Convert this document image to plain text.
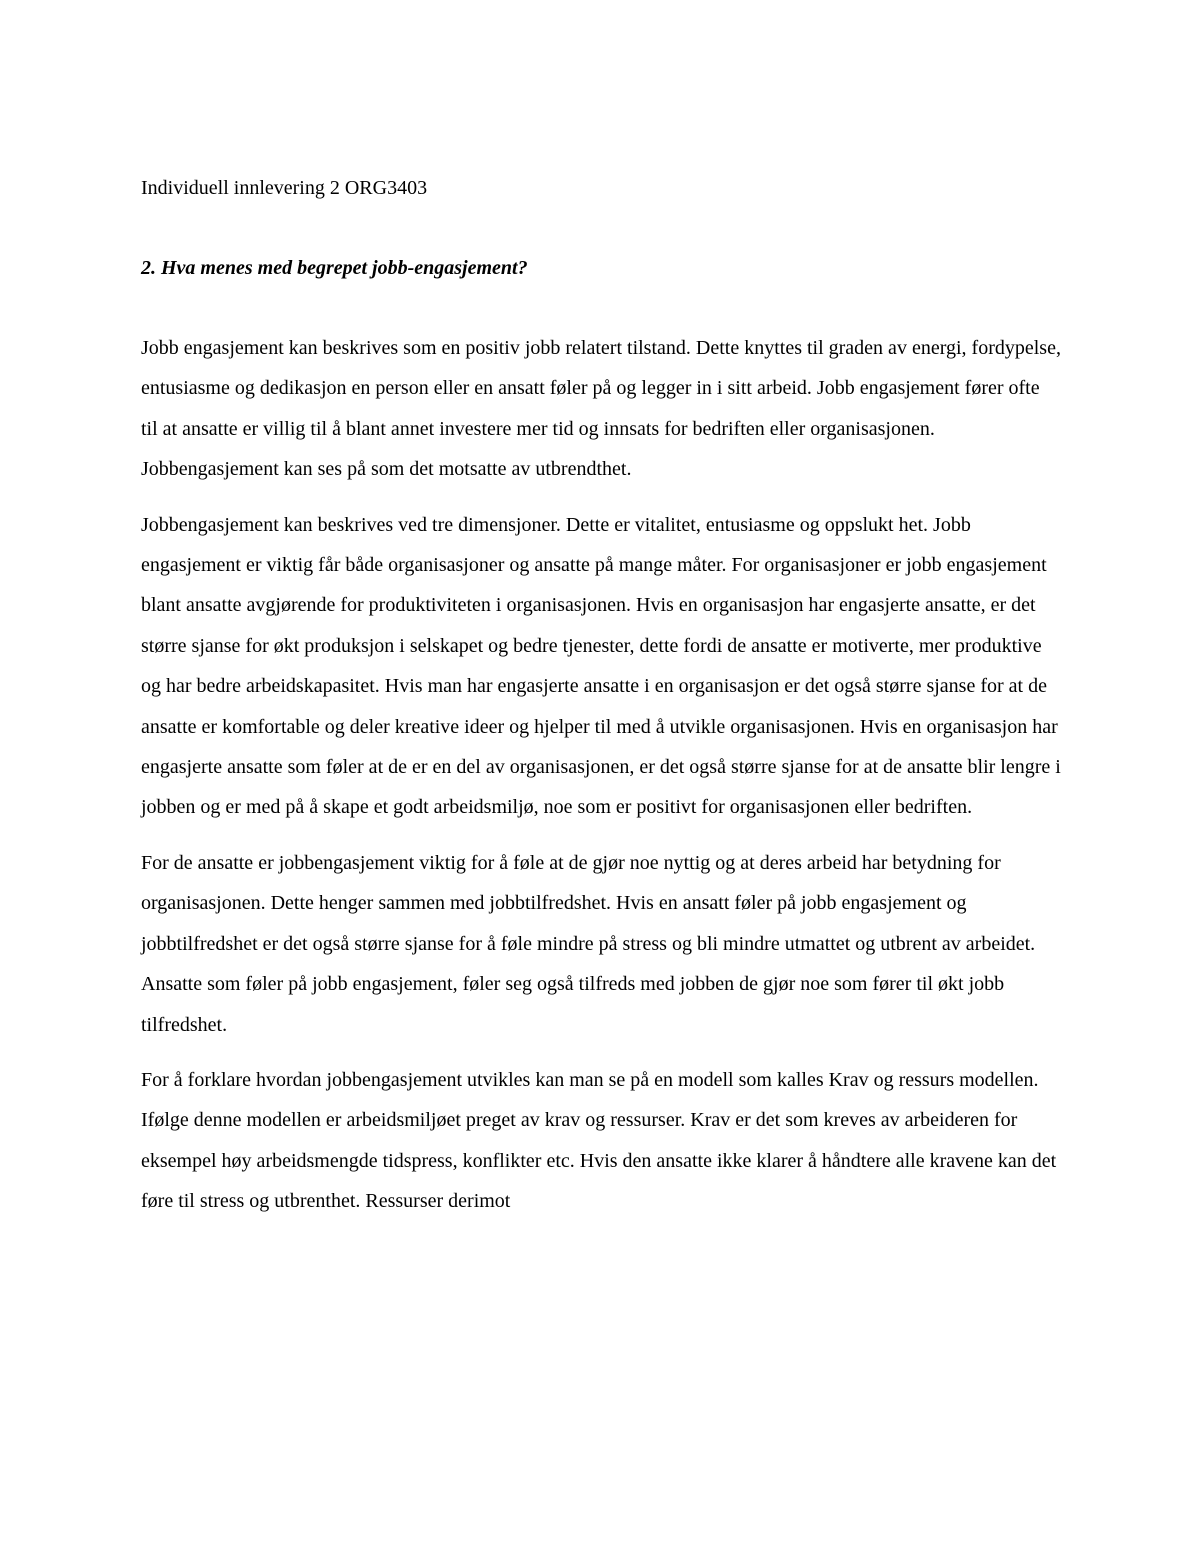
Individuell innlevering 2 ORG3403
2. Hva menes med begrepet jobb-engasjement?

Jobb engasjement kan beskrives som en positiv jobb relatert tilstand. Dette knyttes til graden av energi, fordypelse, entusiasme og dedikasjon en person eller en ansatt føler på og legger in i sitt arbeid. Jobb engasjement fører ofte til at ansatte er villig til å blant annet investere mer tid og innsats for bedriften eller organisasjonen. Jobbengasjement kan ses på som det motsatte av utbrendthet.

Jobbengasjement kan beskrives ved tre dimensjoner. Dette er vitalitet, entusiasme og oppslukt het. Jobb engasjement er viktig får både organisasjoner og ansatte på mange måter. For organisasjoner er jobb engasjement blant ansatte avgjørende for produktiviteten i organisasjonen. Hvis en organisasjon har engasjerte ansatte, er det større sjanse for økt produksjon i selskapet og bedre tjenester, dette fordi de ansatte er motiverte, mer produktive og har bedre arbeidskapasitet. Hvis man har engasjerte ansatte i en organisasjon er det også større sjanse for at de ansatte er komfortable og deler kreative ideer og hjelper til med å utvikle organisasjonen. Hvis en organisasjon har engasjerte ansatte som føler at de er en del av organisasjonen, er det også større sjanse for at de ansatte blir lengre i jobben og er med på å skape et godt arbeidsmiljø, noe som er positivt for organisasjonen eller bedriften.

For de ansatte er jobbengasjement viktig for å føle at de gjør noe nyttig og at deres arbeid har betydning for organisasjonen. Dette henger sammen med jobbtilfredshet. Hvis en ansatt føler på jobb engasjement og jobbtilfredshet er det også større sjanse for å føle mindre på stress og bli mindre utmattet og utbrent av arbeidet. Ansatte som føler på jobb engasjement, føler seg også tilfreds med jobben de gjør noe som fører til økt jobb tilfredshet.

For å forklare hvordan jobbengasjement utvikles kan man se på en modell som kalles Krav og ressurs modellen. Ifølge denne modellen er arbeidsmiljøet preget av krav og ressurser. Krav er det som kreves av arbeideren for eksempel høy arbeidsmengde tidspress, konflikter etc. Hvis den ansatte ikke klarer å håndtere alle kravene kan det føre til stress og utbrenthet. Ressurser derimot
